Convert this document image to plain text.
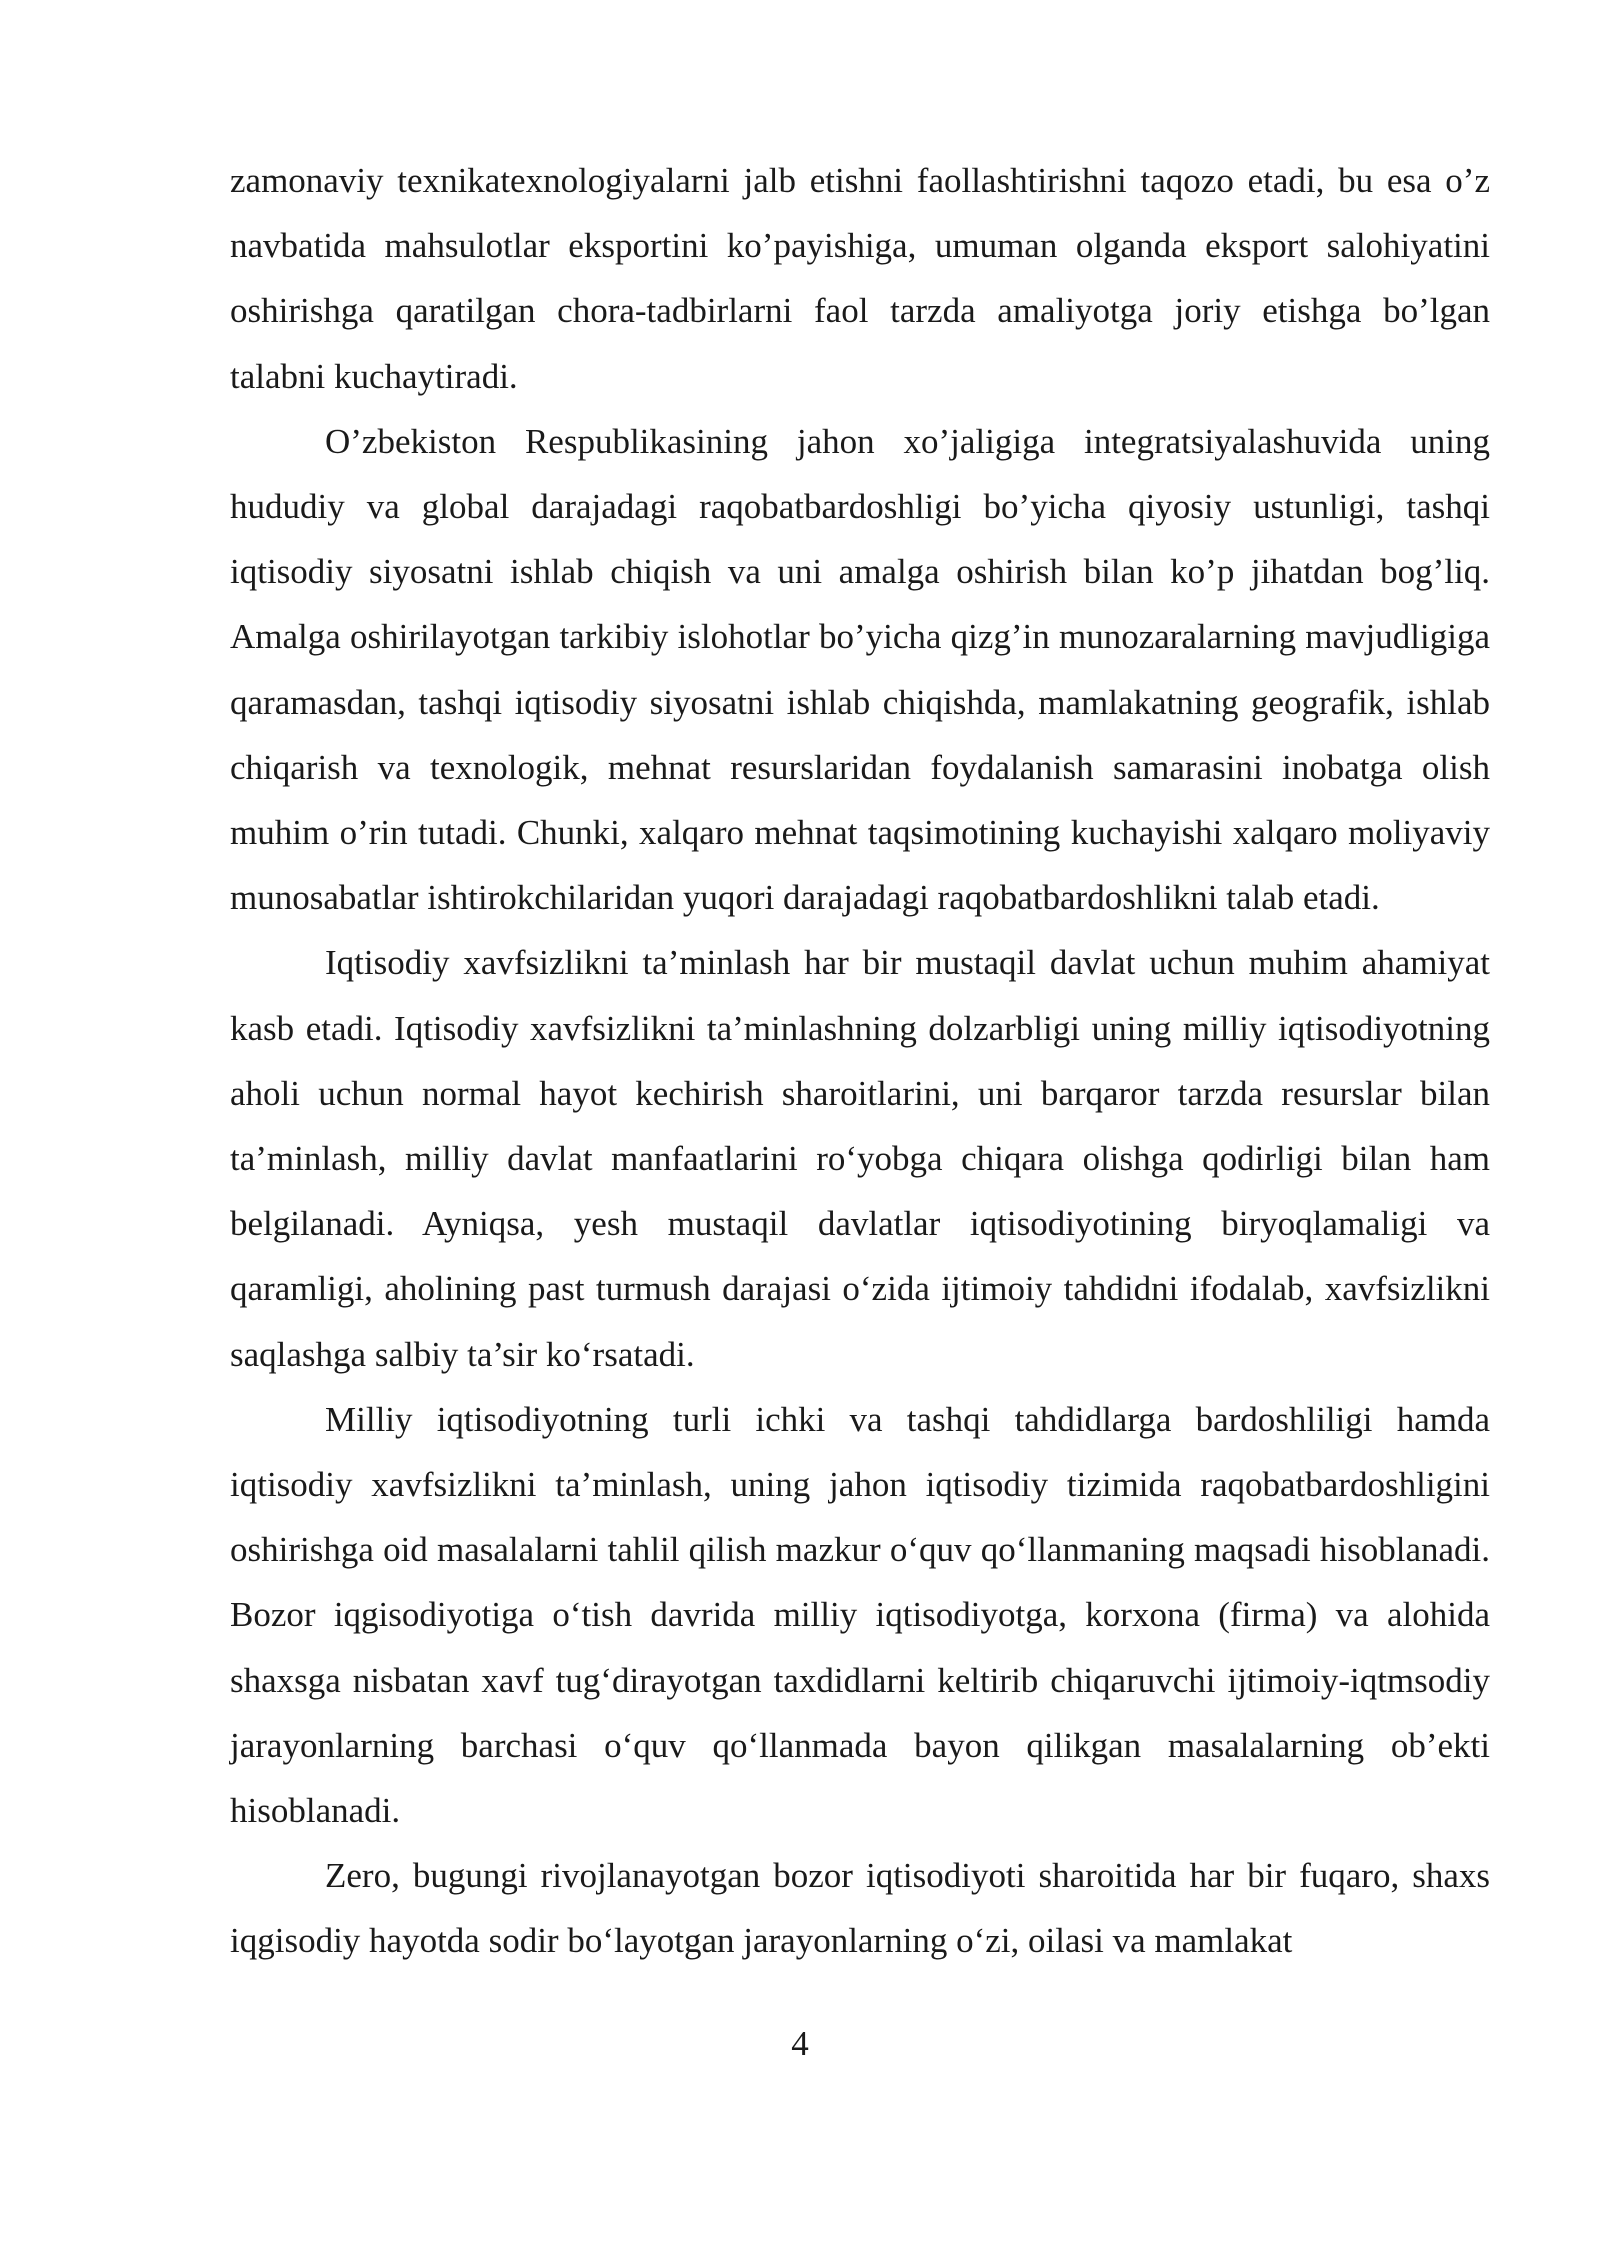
zamonaviy texnikatexnologiyalarni jalb etishni faollashtirishni taqozo etadi, bu esa o’z navbatida mahsulotlar eksportini ko’payishiga, umuman olganda eksport salohiyatini oshirishga qaratilgan chora-tadbirlarni faol tarzda amaliyotga joriy etishga bo’lgan talabni kuchaytiradi.

O’zbekiston Respublikasining jahon xo’jaligiga integratsiyalashuvida uning hududiy va global darajadagi raqobatbardoshligi bo’yicha qiyosiy ustunligi, tashqi iqtisodiy siyosatni ishlab chiqish va uni amalga oshirish bilan ko’p jihatdan bog’liq. Amalga oshirilayotgan tarkibiy islohotlar bo’yicha qizg’in munozaralarning mavjudligiga qaramasdan, tashqi iqtisodiy siyosatni ishlab chiqishda, mamlakatning geografik, ishlab chiqarish va texnologik, mehnat resurslaridan foydalanish samarasini inobatga olish muhim o’rin tutadi. Chunki, xalqaro mehnat taqsimotining kuchayishi xalqaro moliyaviy munosabatlar ishtirokchilaridan yuqori darajadagi raqobatbardoshlikni talab etadi.

Iqtisodiy xavfsizlikni ta’minlash har bir mustaqil davlat uchun muhim ahamiyat kasb etadi. Iqtisodiy xavfsizlikni ta’minlashning dolzarbligi uning milliy iqtisodiyotning aholi uchun normal hayot kechirish sharoitlarini, uni barqaror tarzda resurslar bilan ta’minlash, milliy davlat manfaatlarini ro‘yobga chiqara olishga qodirligi bilan ham belgilanadi. Ayniqsa, yesh mustaqil davlatlar iqtisodiyotining biryoqlamaligi va qaramligi, aholining past turmush darajasi o‘zida ijtimoiy tahdidni ifodalab, xavfsizlikni saqlashga salbiy ta’sir ko‘rsatadi.

Milliy iqtisodiyotning turli ichki va tashqi tahdidlarga bardoshliligi hamda iqtisodiy xavfsizlikni ta’minlash, uning jahon iqtisodiy tizimida raqobatbardoshligini oshirishga oid masalalarni tahlil qilish mazkur o‘quv qo‘llanmaning maqsadi hisoblanadi. Bozor iqgisodiyotiga o‘tish davrida milliy iqtisodiyotga, korxona (firma) va alohida shaxsga nisbatan xavf tug‘dirayotgan taxdidlarni keltirib chiqaruvchi ijtimoiy-iqtmsodiy jarayonlarning barchasi o‘quv qo‘llanmada bayon qilikgan masalalarning ob’ekti hisoblanadi.

Zero, bugungi rivojlanayotgan bozor iqtisodiyoti sharoitida har bir fuqaro, shaxs iqgisodiy hayotda sodir bo‘layotgan jarayonlarning o‘zi, oilasi va mamlakat

4
